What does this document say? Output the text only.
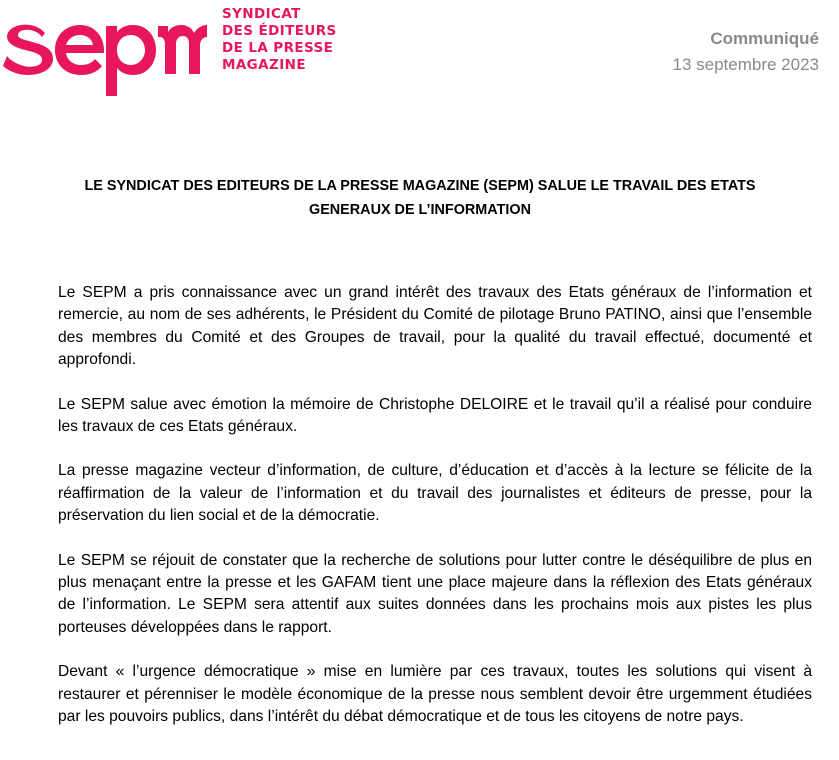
SYNDICAT
DES ÉDITEURS
DE LA PRESSE
MAGAZINE
Communiqué
13 septembre 2023
LE SYNDICAT DES EDITEURS DE LA PRESSE MAGAZINE (SEPM) SALUE LE TRAVAIL DES ETATS GENERAUX DE L’INFORMATION

Le SEPM a pris connaissance avec un grand intérêt des travaux des Etats généraux de l’information et remercie, au nom de ses adhérents, le Président du Comité de pilotage Bruno PATINO, ainsi que l’ensemble des membres du Comité et des Groupes de travail, pour la qualité du travail effectué, documenté et approfondi.

Le SEPM salue avec émotion la mémoire de Christophe DELOIRE et le travail qu’il a réalisé pour conduire les travaux de ces Etats généraux.

La presse magazine vecteur d’information, de culture, d’éducation et d’accès à la lecture se félicite de la réaffirmation de la valeur de l’information et du travail des journalistes et éditeurs de presse, pour la préservation du lien social et de la démocratie.

Le SEPM se réjouit de constater que la recherche de solutions pour lutter contre le déséquilibre de plus en plus menaçant entre la presse et les GAFAM tient une place majeure dans la réflexion des Etats généraux de l’information. Le SEPM sera attentif aux suites données dans les prochains mois aux pistes les plus porteuses développées dans le rapport.

Devant « l’urgence démocratique » mise en lumière par ces travaux, toutes les solutions qui visent à restaurer et pérenniser le modèle économique de la presse nous semblent devoir être urgemment étudiées par les pouvoirs publics, dans l’intérêt du débat démocratique et de tous les citoyens de notre pays.
